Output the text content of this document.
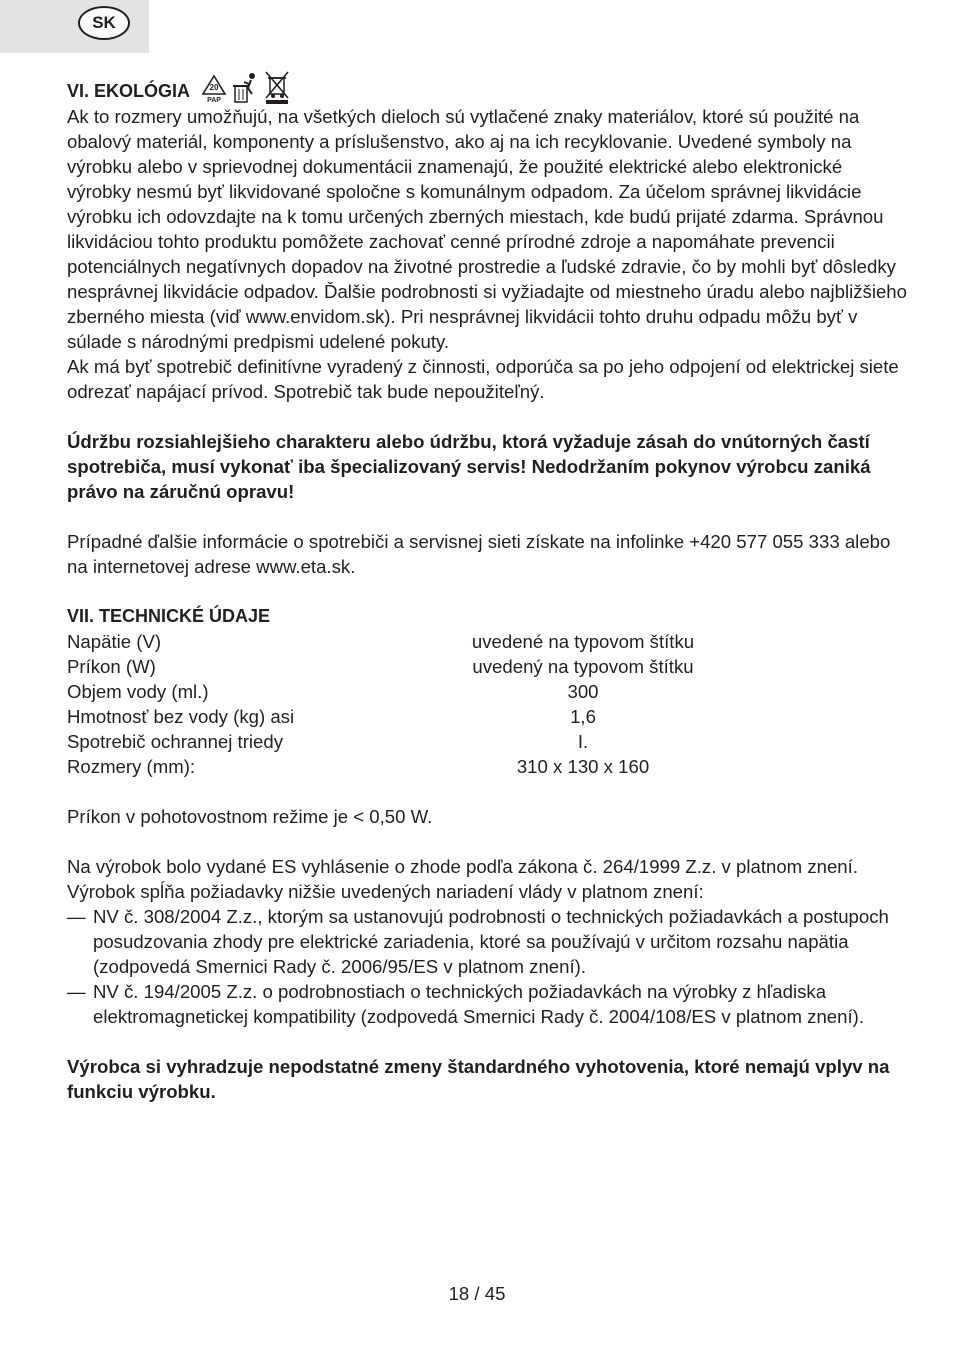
SK
VI. EKOLÓGIA 20
PAP

Ak to rozmery umožňujú, na všetkých dieloch sú vytlačené znaky materiálov, ktoré sú použité na obalový materiál, komponenty a príslušenstvo, ako aj na ich recyklovanie. Uvedené symboly na výrobku alebo v sprievodnej dokumentácii znamenajú, že použité elektrické alebo elektronické výrobky nesmú byť likvidované spoločne s komunálnym odpadom. Za účelom správnej likvidácie výrobku ich odovzdajte na k tomu určených zberných miestach, kde budú prijaté zdarma. Správnou likvidáciou tohto produktu pomôžete zachovať cenné prírodné zdroje a napomáhate prevencii potenciálnych negatívnych dopadov na životné prostredie a ľudské zdravie, čo by mohli byť dôsledky nesprávnej likvidácie odpadov. Ďalšie podrobnosti si vyžiadajte od miestneho úradu alebo najbližšieho zberného miesta (viď www.envidom.sk). Pri nesprávnej likvidácii tohto druhu odpadu môžu byť v súlade s národnými predpismi udelené pokuty.

Ak má byť spotrebič definitívne vyradený z činnosti, odporúča sa po jeho odpojení od elektrickej siete odrezať napájací prívod. Spotrebič tak bude nepoužiteľný.

Údržbu rozsiahlejšieho charakteru alebo údržbu, ktorá vyžaduje zásah do vnútorných častí spotrebiča, musí vykonať iba špecializovaný servis! Nedodržaním pokynov výrobcu zaniká právo na záručnú opravu!

Prípadné ďalšie informácie o spotrebiči a servisnej sieti získate na infolinke +420 577 055 333 alebo na internetovej adrese www.eta.sk.

VII. TECHNICKÉ ÚDAJE

Napätie (V)	uvedené na typovom štítku
Príkon (W)	uvedený na typovom štítku
Objem vody (ml.)	300
Hmotnosť bez vody (kg) asi	1,6
Spotrebič ochrannej triedy	I.
Rozmery (mm):	310 x 130 x 160

Príkon v pohotovostnom režime je < 0,50 W.

Na výrobok bolo vydané ES vyhlásenie o zhode podľa zákona č. 264/1999 Z.z. v platnom znení. Výrobok spĺňa požiadavky nižšie uvedených nariadení vlády v platnom znení:

— NV č. 308/2004 Z.z., ktorým sa ustanovujú podrobnosti o technických požiadavkách a postupoch posudzovania zhody pre elektrické zariadenia, ktoré sa používajú v určitom rozsahu napätia (zodpovedá Smernici Rady č. 2006/95/ES v platnom znení).
— NV č. 194/2005 Z.z. o podrobnostiach o technických požiadavkách na výrobky z hľadiska elektromagnetickej kompatibility (zodpovedá Smernici Rady č. 2004/108/ES v platnom znení).

Výrobca si vyhradzuje nepodstatné zmeny štandardného vyhotovenia, ktoré nemajú vplyv na funkciu výrobku.

18 / 45
